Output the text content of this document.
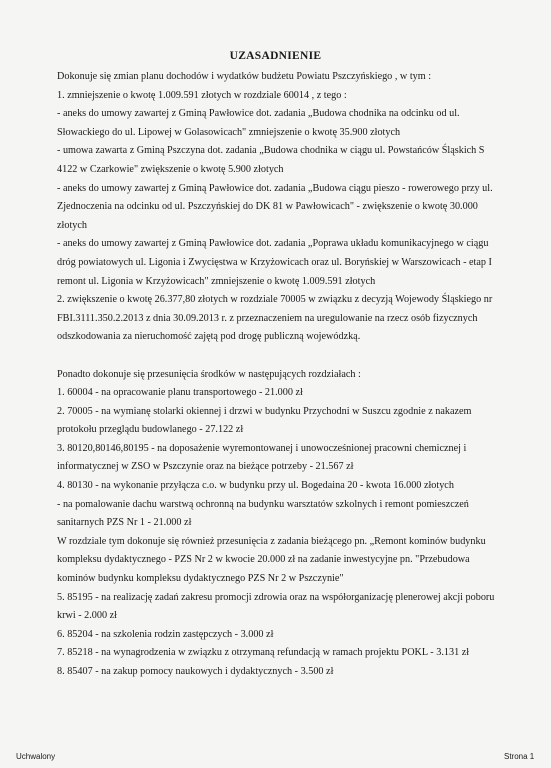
UZASADNIENIE
Dokonuje się zmian planu dochodów i wydatków budżetu Powiatu Pszczyńskiego , w tym :
1. zmniejszenie o kwotę 1.009.591 złotych w rozdziale 60014 , z tego :
- aneks do umowy zawartej z Gminą Pawłowice dot. zadania „Budowa chodnika na odcinku od ul.
Słowackiego do ul. Lipowej w Golasowicach" zmniejszenie o kwotę 35.900 złotych
- umowa zawarta z Gminą Pszczyna dot. zadania „Budowa chodnika w ciągu ul. Powstańców Śląskich S
4122 w Czarkowie" zwiększenie o kwotę 5.900 złotych
- aneks do umowy zawartej z Gminą Pawłowice dot. zadania „Budowa ciągu pieszo - rowerowego przy ul.
Zjednoczenia na odcinku od ul. Pszczyńskiej do DK 81 w Pawłowicach" - zwiększenie o kwotę 30.000
złotych
- aneks do umowy zawartej z Gminą Pawłowice dot. zadania „Poprawa układu komunikacyjnego w ciągu
dróg powiatowych ul. Ligonia i Zwycięstwa w Krzyżowicach oraz ul. Boryńskiej w Warszowicach - etap I
remont ul. Ligonia w Krzyżowicach" zmniejszenie o kwotę 1.009.591 złotych
2. zwiększenie o kwotę 26.377,80 złotych w rozdziale 70005 w związku z decyzją Wojewody Śląskiego nr
FBI.3111.350.2.2013 z dnia 30.09.2013 r. z przeznaczeniem na uregulowanie na rzecz osób fizycznych
odszkodowania za nieruchomość zajętą pod drogę publiczną wojewódzką.
Ponadto dokonuje się przesunięcia środków w następujących rozdziałach :
1. 60004 - na opracowanie planu transportowego - 21.000 zł
2. 70005 - na wymianę stolarki okiennej i drzwi w budynku Przychodni w Suszcu zgodnie z nakazem
protokołu przeglądu budowlanego - 27.122 zł
3. 80120,80146,80195 - na doposażenie wyremontowanej i unowocześnionej pracowni chemicznej i
informatycznej w ZSO w Pszczynie oraz na bieżące potrzeby - 21.567 zł
4. 80130 - na wykonanie przyłącza c.o. w budynku przy ul. Bogedaina 20 - kwota 16.000 złotych
- na pomalowanie dachu warstwą ochronną na budynku warsztatów szkolnych i remont pomieszczeń
sanitarnych PZS Nr 1 - 21.000 zł
W rozdziale tym dokonuje się również przesunięcia z zadania bieżącego pn. „Remont kominów budynku
kompleksu dydaktycznego - PZS Nr 2 w kwocie 20.000 zł na zadanie inwestycyjne pn. "Przebudowa
kominów budynku kompleksu dydaktycznego PZS Nr 2 w Pszczynie"
5. 85195 - na realizację zadań zakresu promocji zdrowia oraz na współorganizację plenerowej akcji poboru
krwi - 2.000 zł
6. 85204 - na szkolenia rodzin zastępczych - 3.000 zł
7. 85218 - na wynagrodzenia w związku z otrzymaną refundacją w ramach projektu POKL - 3.131 zł
8. 85407 - na zakup pomocy naukowych i dydaktycznych - 3.500 zł
Uchwalony	Strona 1
